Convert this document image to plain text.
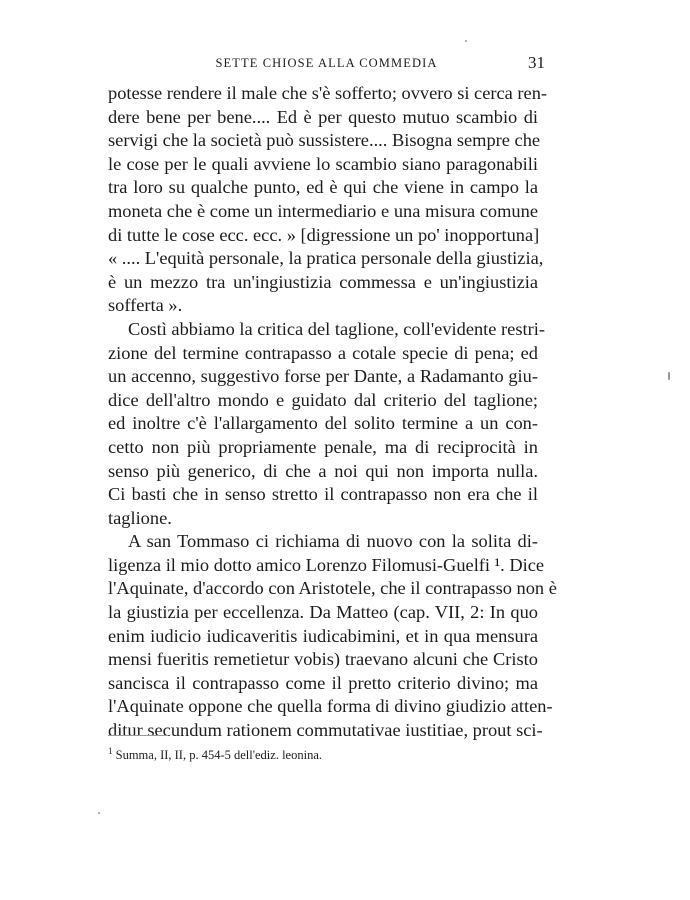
SETTE CHIOSE ALLA COMMEDIA	31
potesse rendere il male che s'è sofferto; ovvero si cerca ren-
dere bene per bene.... Ed è per questo mutuo scambio di
servigi che la società può sussistere.... Bisogna sempre che
le cose per le quali avviene lo scambio siano paragonabili
tra loro su qualche punto, ed è qui che viene in campo la
moneta che è come un intermediario e una misura comune
di tutte le cose ecc. ecc. » [digressione un po' inopportuna]
« .... L'equità personale, la pratica personale della giustizia,
è un mezzo tra un'ingiustizia commessa e un'ingiustizia
sofferta ».
Costì abbiamo la critica del taglione, coll'evidente restri-
zione del termine contrapasso a cotale specie di pena; ed
un accenno, suggestivo forse per Dante, a Radamanto giu-
dice dell'altro mondo e guidato dal criterio del taglione;
ed inoltre c'è l'allargamento del solito termine a un con-
cetto non più propriamente penale, ma di reciprocità in
senso più generico, di che a noi qui non importa nulla.
Ci basti che in senso stretto il contrapasso non era che il
taglione.
A san Tommaso ci richiama di nuovo con la solita di-
ligenza il mio dotto amico Lorenzo Filomusi-Guelfi ¹. Dice
l'Aquinate, d'accordo con Aristotele, che il contrapasso non è
la giustizia per eccellenza. Da Matteo (cap. VII, 2: In quo
enim iudicio iudicaveritis iudicabimini, et in qua mensura
mensi fueritis remetietur vobis) traevano alcuni che Cristo
sancisca il contrapasso come il pretto criterio divino; ma
l'Aquinate oppone che quella forma di divino giudizio atten-
ditur secundum rationem commutativae iustitiae, prout sci-
$^1$ Summa, II, II, p. 454-5 dell'ediz. leonina.
